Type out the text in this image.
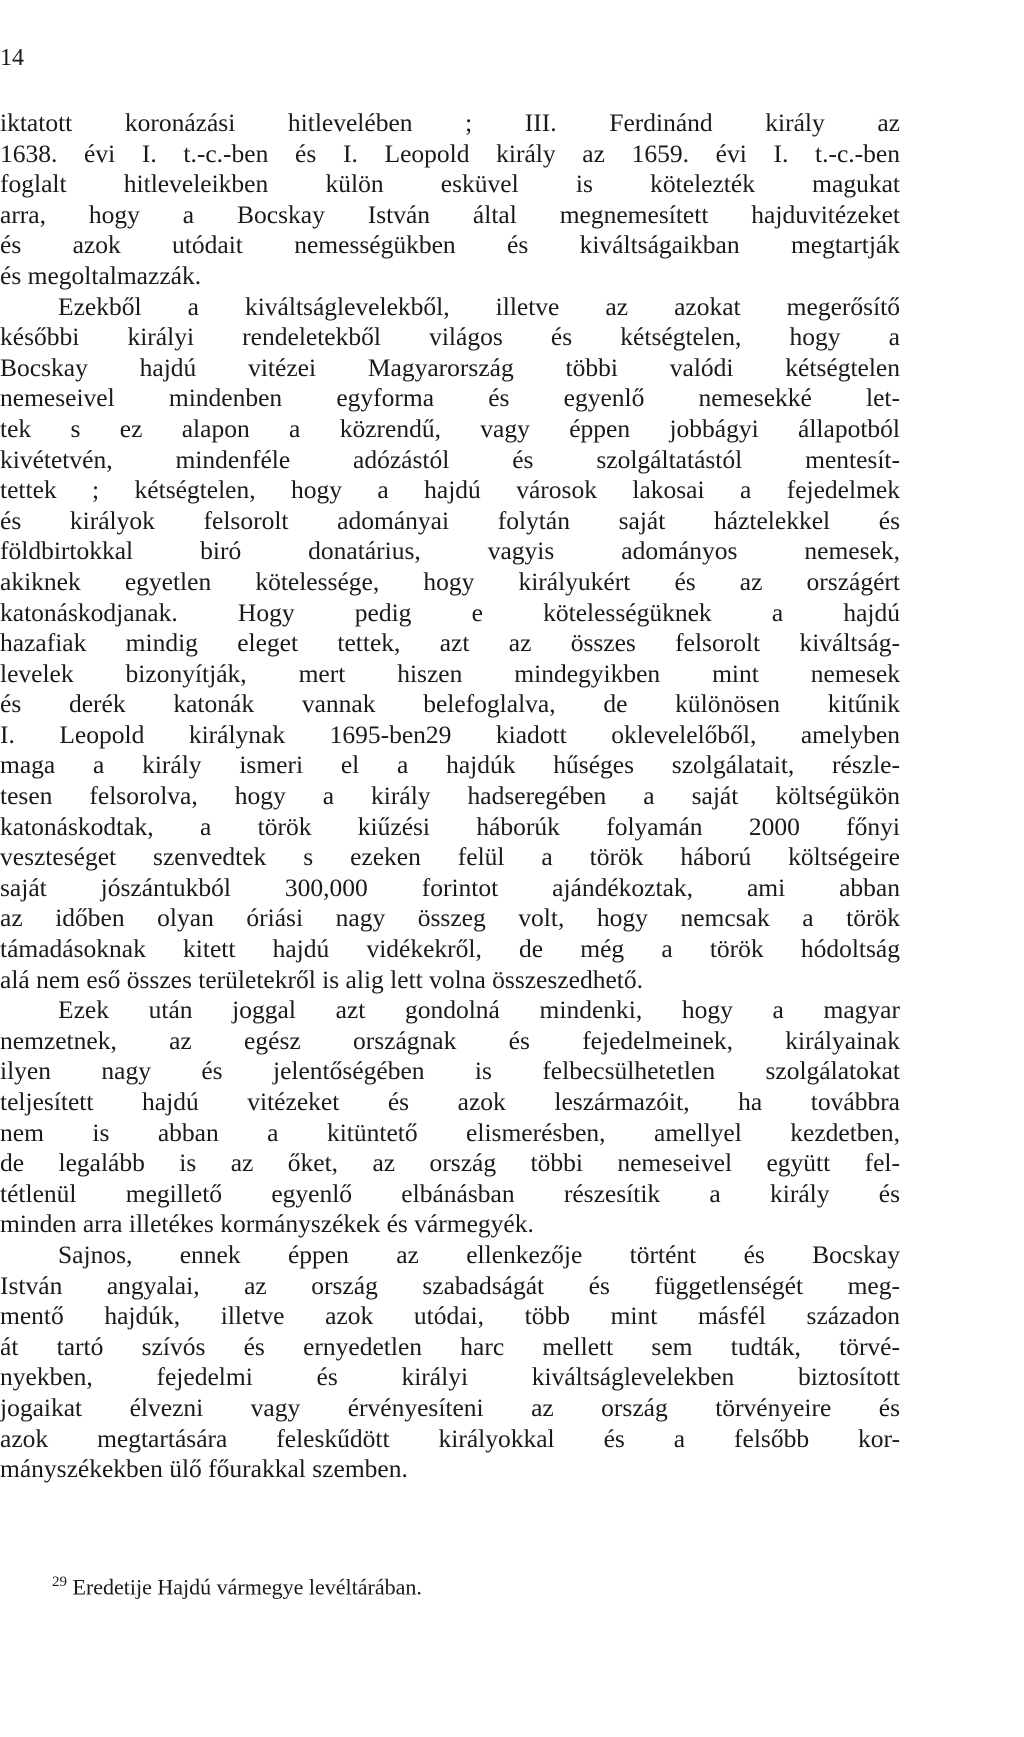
14
iktatott koronázási hitlevelében ; III. Ferdinánd király az
1638. évi I. t.-c.-ben és I. Leopold király az 1659. évi I. t.-c.-ben
foglalt hitleveleikben külön esküvel is kötelezték magukat
arra, hogy a Bocskay István által megnemesített hajduvitézeket
és azok utódait nemességükben és kiváltságaikban megtartják
és megoltalmazzák.
Ezekből a kiváltságlevelekből, illetve az azokat megerősítő
későbbi királyi rendeletekből világos és kétségtelen, hogy a
Bocskay hajdú vitézei Magyarország többi valódi kétségtelen
nemeseivel mindenben egyforma és egyenlő nemesekké let-
tek s ez alapon a közrendű, vagy éppen jobbágyi állapotból
kivétetvén, mindenféle adózástól és szolgáltatástól mentesít-
tettek ; kétségtelen, hogy a hajdú városok lakosai a fejedelmek
és királyok felsorolt adományai folytán saját háztelekkel és
földbirtokkal biró donatárius, vagyis adományos nemesek,
akiknek egyetlen kötelessége, hogy királyukért és az országért
katonáskodjanak. Hogy pedig e kötelességüknek a hajdú
hazafiak mindig eleget tettek, azt az összes felsorolt kiváltság-
levelek bizonyítják, mert hiszen mindegyikben mint nemesek
és derék katonák vannak belefoglalva, de különösen kitűnik
I. Leopold királynak 1695-ben29 kiadott oklevelelőből, amelyben
maga a király ismeri el a hajdúk hűséges szolgálatait, részle-
tesen felsorolva, hogy a király hadseregében a saját költségükön
katonáskodtak, a török kiűzési háborúk folyamán 2000 főnyi
veszteséget szenvedtek s ezeken felül a török háború költségeire
saját jószántukból 300,000 forintot ajándékoztak, ami abban
az időben olyan óriási nagy összeg volt, hogy nemcsak a török
támadásoknak kitett hajdú vidékekről, de még a török hódoltság
alá nem eső összes területekről is alig lett volna összeszedhető.
Ezek után joggal azt gondolná mindenki, hogy a magyar
nemzetnek, az egész országnak és fejedelmeinek, királyainak
ilyen nagy és jelentőségében is felbecsülhetetlen szolgálatokat
teljesített hajdú vitézeket és azok leszármazóit, ha továbbra
nem is abban a kitüntető elismerésben, amellyel kezdetben,
de legalább is az őket, az ország többi nemeseivel együtt fel-
tétlenül megillető egyenlő elbánásban részesítik a király és
minden arra illetékes kormányszékek és vármegyék.
Sajnos, ennek éppen az ellenkezője történt és Bocskay
István angyalai, az ország szabadságát és függetlenségét meg-
mentő hajdúk, illetve azok utódai, több mint másfél századon
át tartó szívós és ernyedetlen harc mellett sem tudták, törvé-
nyekben, fejedelmi és királyi kiváltságlevelekben biztosított
jogaikat élvezni vagy érvényesíteni az ország törvényeire és
azok megtartására feleskűdött királyokkal és a felsőbb kor-
mányszékekben ülő főurakkal szemben.
$^{29}$ Eredetije Hajdú vármegye levéltárában.
